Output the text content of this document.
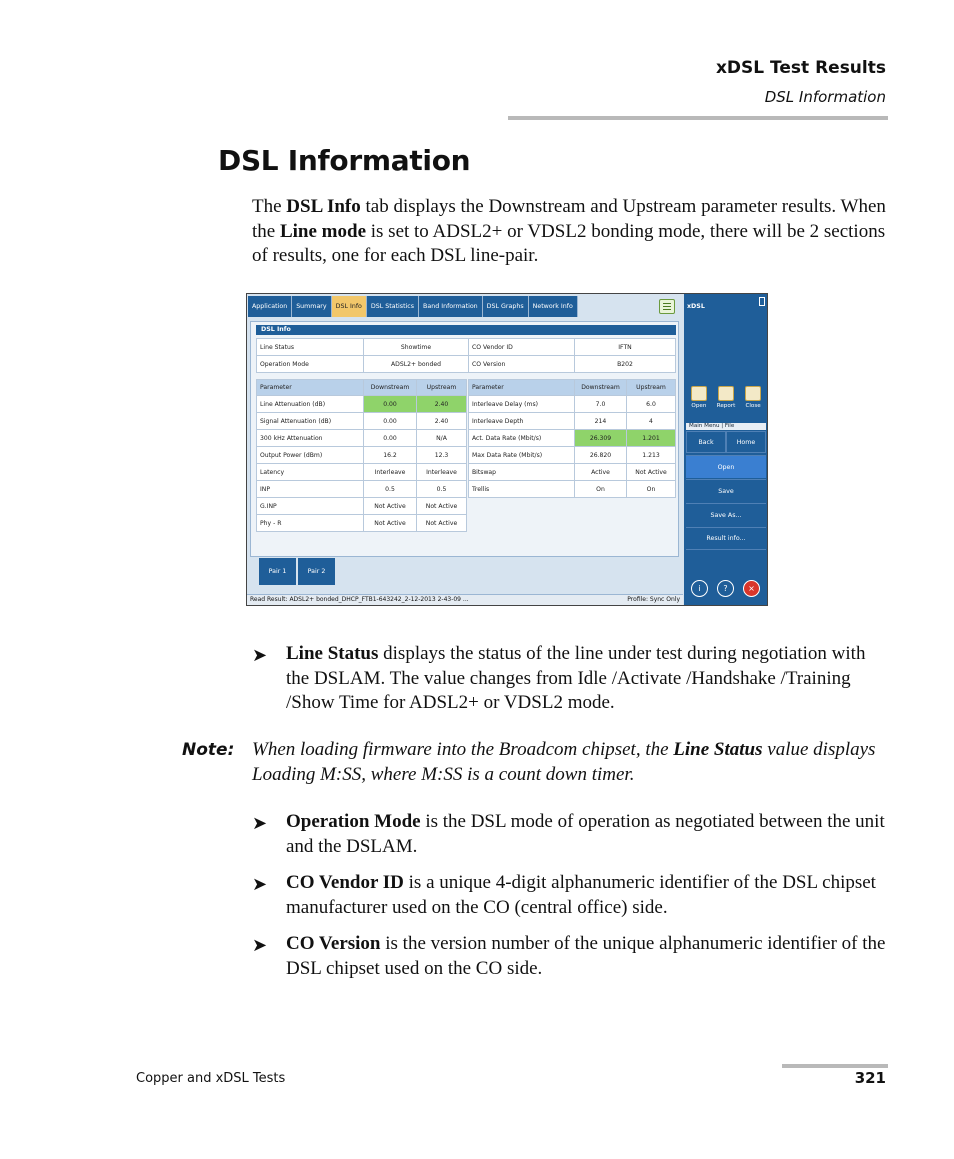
xDSL Test Results
DSL Information
DSL Information

The DSL Info tab displays the Downstream and Upstream parameter results. When the Line mode is set to ADSL2+ or VDSL2 bonding mode, there will be 2 sections of results, one for each DSL line-pair.

Application	Summary	DSL Info	DSL Statistics	Band Information	DSL Graphs	Network Info
DSL Info
Line Status	Showtime	CO Vendor ID	IFTN
Operation Mode	ADSL2+ bonded	CO Version	B202
Parameter	Downstream	Upstream
Line Attenuation (dB)	0.00	2.40
Signal Attenuation (dB)	0.00	2.40
300 kHz Attenuation	0.00	N/A
Output Power (dBm)	16.2	12.3
Latency	Interleave	Interleave
INP	0.5	0.5
G.INP	Not Active	Not Active
Phy - R	Not Active	Not Active
Parameter	Downstream	Upstream
Interleave Delay (ms)	7.0	6.0
Interleave Depth	214	4
Act. Data Rate (Mbit/s)	26.309	1.201
Max Data Rate (Mbit/s)	26.820	1.213
Bitswap	Active	Not Active
Trellis	On	On
Pair 1	Pair 2
Read Result: ADSL2+ bonded_DHCP_FTB1-643242_2-12-2013 2-43-09 ...	Profile: Sync Only
xDSL
Open Report Close
Main Menu | File
Back	Home
Open
Save
Save As...
Result info...
i	?	×
➤ Line Status displays the status of the line under test during negotiation with the DSLAM. The value changes from Idle /Activate /Handshake /Training /Show Time for ADSL2+ or VDSL2 mode.
Note: When loading firmware into the Broadcom chipset, the Line Status value displays Loading M:SS, where M:SS is a count down timer.
➤ Operation Mode is the DSL mode of operation as negotiated between the unit and the DSLAM.
➤ CO Vendor ID is a unique 4-digit alphanumeric identifier of the DSL chipset manufacturer used on the CO (central office) side.
➤ CO Version is the version number of the unique alphanumeric identifier of the DSL chipset used on the CO side.
Copper and xDSL Tests	321
